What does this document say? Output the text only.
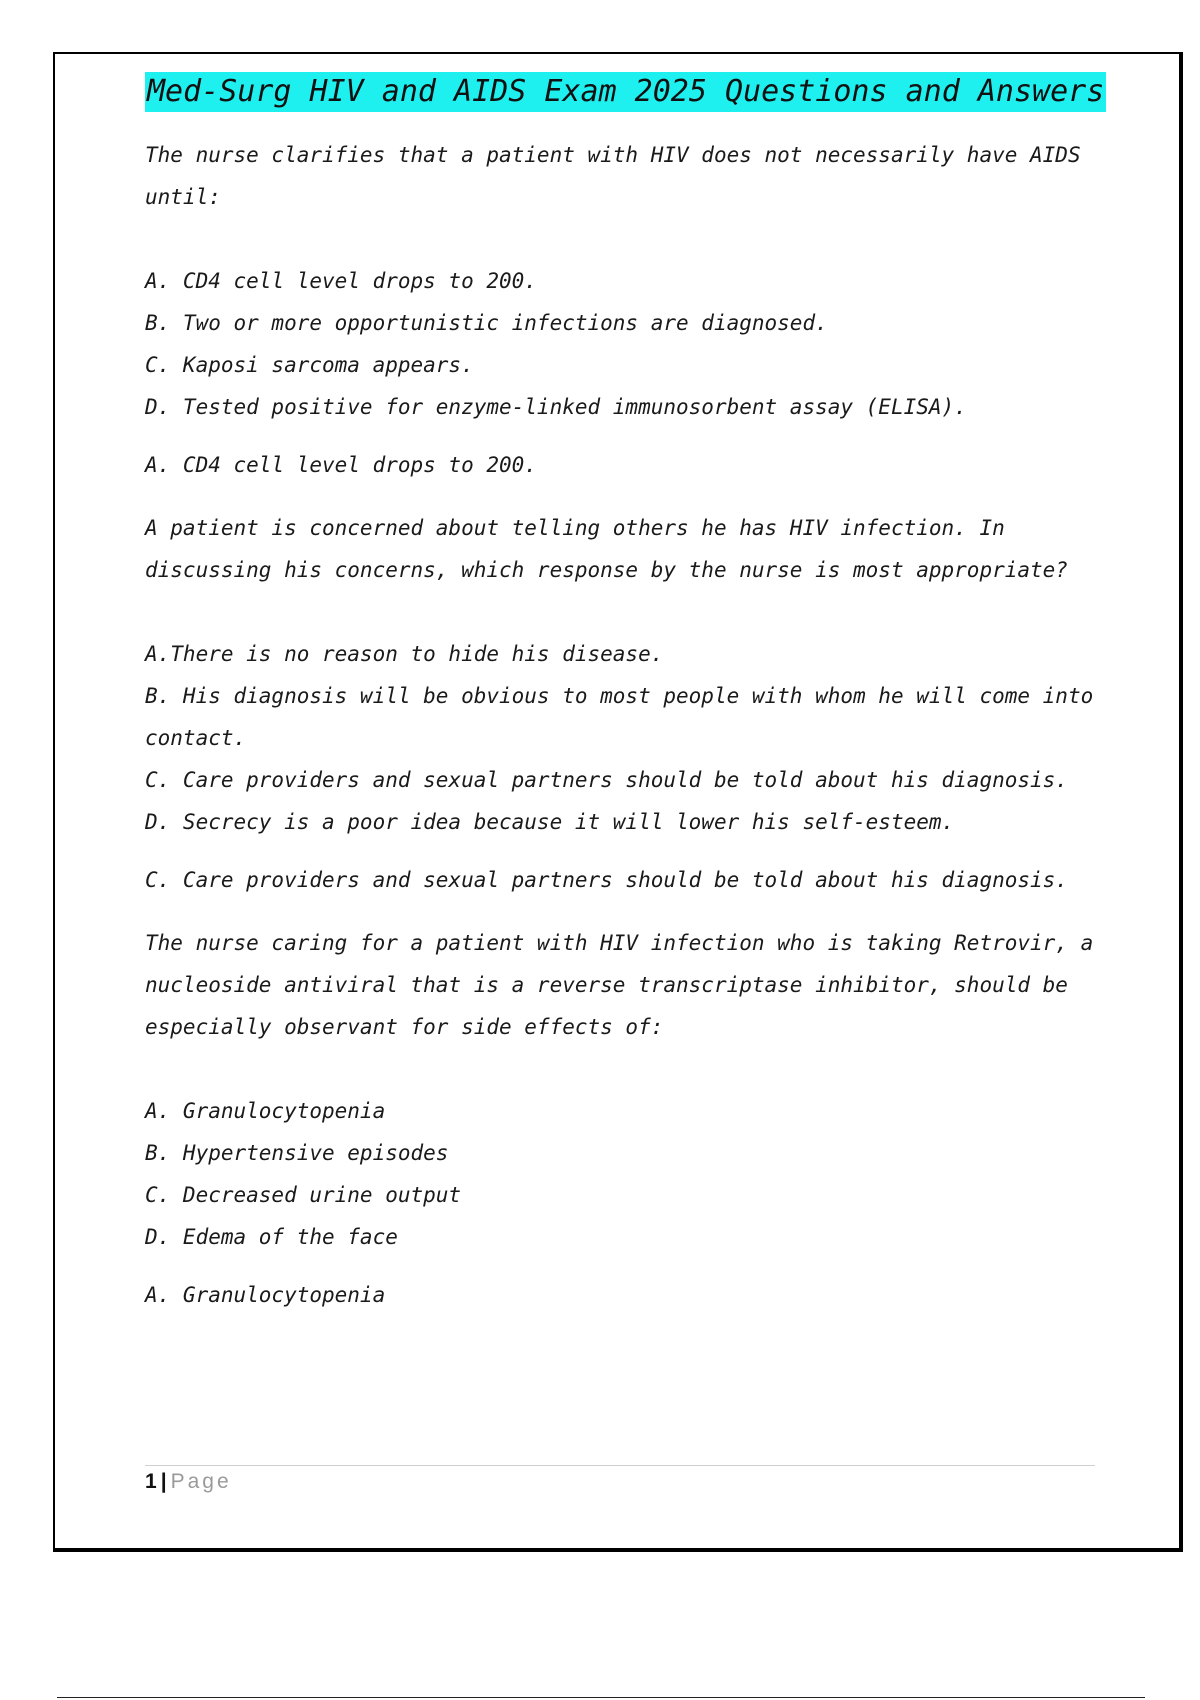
Med-Surg HIV and AIDS Exam 2025 Questions and Answers

The nurse clarifies that a patient with HIV does not necessarily have AIDS until:

A. CD4 cell level drops to 200.

B. Two or more opportunistic infections are diagnosed.

C. Kaposi sarcoma appears.

D. Tested positive for enzyme-linked immunosorbent assay (ELISA).

A. CD4 cell level drops to 200.

A patient is concerned about telling others he has HIV infection. In discussing his concerns, which response by the nurse is most appropriate?

A.There is no reason to hide his disease.

B. His diagnosis will be obvious to most people with whom he will come into contact.

C. Care providers and sexual partners should be told about his diagnosis.

D. Secrecy is a poor idea because it will lower his self-esteem.

C. Care providers and sexual partners should be told about his diagnosis.

The nurse caring for a patient with HIV infection who is taking Retrovir, a nucleoside antiviral that is a reverse transcriptase inhibitor, should be especially observant for side effects of:

A. Granulocytopenia

B. Hypertensive episodes

C. Decreased urine output

D. Edema of the face

A. Granulocytopenia

1 | Page
